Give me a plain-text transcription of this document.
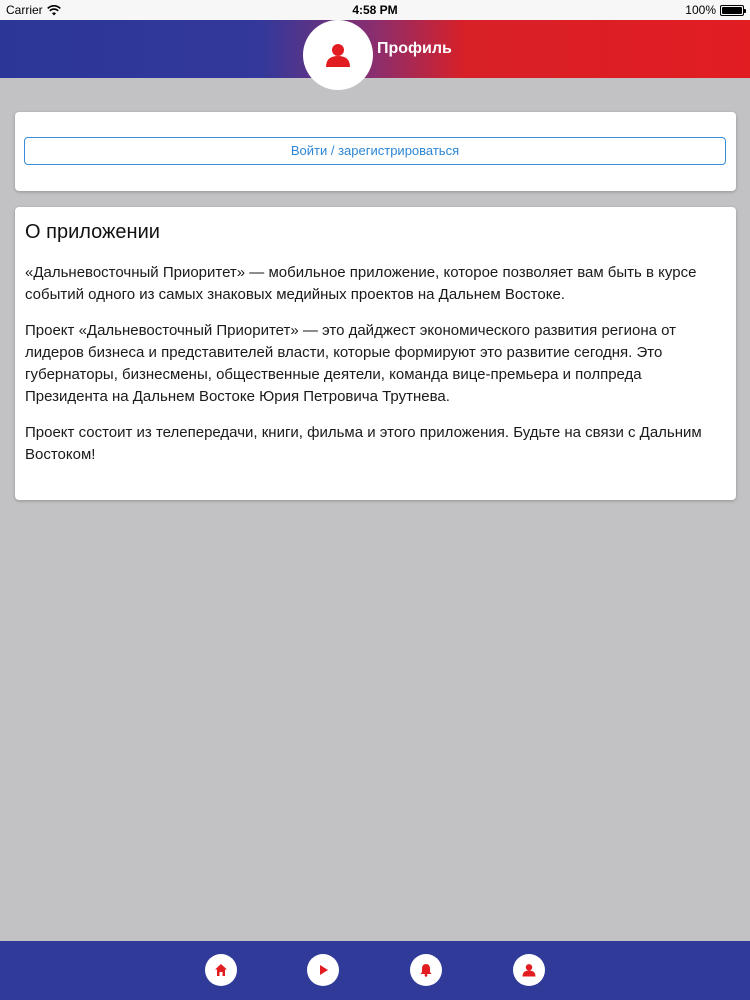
Carrier	4:58 PM	100%
Профиль
Войти / зарегистрироваться
О приложении

«Дальневосточный Приоритет» — мобильное приложение, которое позволяет вам быть в курсе событий одного из самых знаковых медийных проектов на Дальнем Востоке.

Проект «Дальневосточный Приоритет» — это дайджест экономического развития региона от лидеров бизнеса и представителей власти, которые формируют это развитие сегодня. Это губернаторы, бизнесмены, общественные деятели, команда вице-премьера и полпреда Президента на Дальнем Востоке Юрия Петровича Трутнева.

Проект состоит из телепередачи, книги, фильма и этого приложения. Будьте на связи с Дальним Востоком!
